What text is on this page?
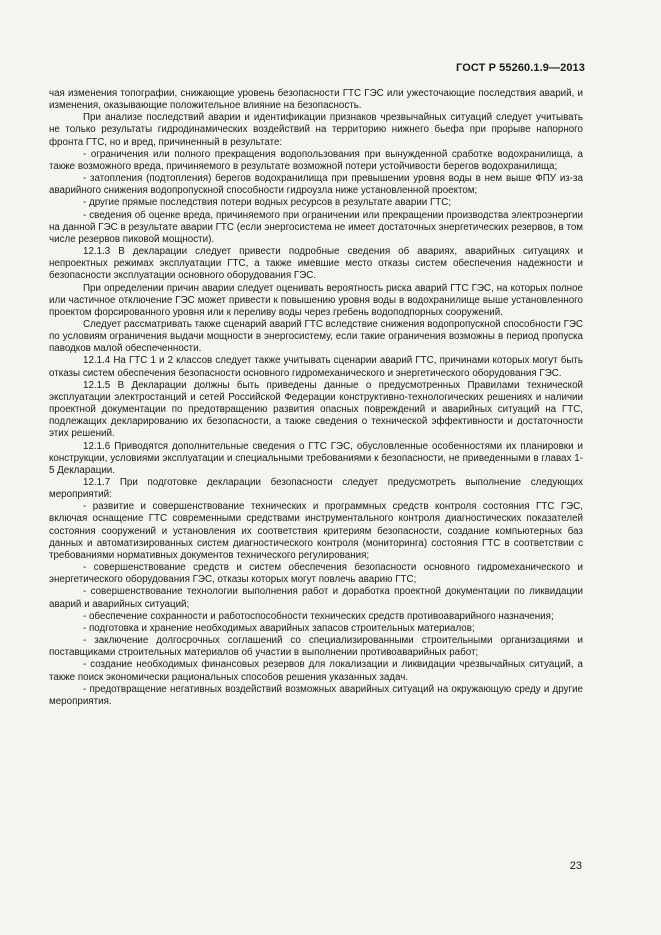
ГОСТ Р 55260.1.9—2013

чая изменения топографии, снижающие уровень безопасности ГТС ГЭС или ужесточающие последствия аварий, и изменения, оказывающие положительное влияние на безопасность.

При анализе последствий аварии и идентификации признаков чрезвычайных ситуаций следует учитывать не только результаты гидродинамических воздействий на территорию нижнего бьефа при прорыве напорного фронта ГТС, но и вред, причиненный в результате:

- ограничения или полного прекращения водопользования при вынужденной сработке водохранилища, а также возможного вреда, причиняемого в результате возможной потери устойчивости берегов водохранилища;

- затопления (подтопления) берегов водохранилища при превышении уровня воды в нем выше ФПУ из-за аварийного снижения водопропускной способности гидроузла ниже установленной проектом;

- другие прямые последствия потери водных ресурсов в результате аварии ГТС;

- сведения об оценке вреда, причиняемого при ограничении или прекращении производства электроэнергии на данной ГЭС в результате аварии ГТС (если энергосистема не имеет достаточных энергетических резервов, в том числе резервов пиковой мощности).

12.1.3 В декларации следует привести подробные сведения об авариях, аварийных ситуациях и непроектных режимах эксплуатации ГТС, а также имевшие место отказы систем обеспечения надежности и безопасности эксплуатации основного оборудования ГЭС.

При определении причин аварии следует оценивать вероятность риска аварий ГТС ГЭС, на которых полное или частичное отключение ГЭС может привести к повышению уровня воды в водохранилище выше установленного проектом форсированного уровня или к переливу воды через гребень водоподпорных сооружений.

Следует рассматривать также сценарий аварий ГТС вследствие снижения водопропускной способности ГЭС по условиям ограничения выдачи мощности в энергосистему, если такие ограничения возможны в период пропуска паводков малой обеспеченности.

12.1.4 На ГТС 1 и 2 классов следует также учитывать сценарии аварий ГТС, причинами которых могут быть отказы систем обеспечения безопасности основного гидромеханического и энергетического оборудования ГЭС.

12.1.5 В Декларации должны быть приведены данные о предусмотренных Правилами технической эксплуатации электростанций и сетей Российской Федерации конструктивно-технологических решениях и наличии проектной документации по предотвращению развития опасных повреждений и аварийных ситуаций на ГТС, подлежащих декларированию их безопасности, а также сведения о технической эффективности и достаточности этих решений.

12.1.6 Приводятся дополнительные сведения о ГТС ГЭС, обусловленные особенностями их планировки и конструкции, условиями эксплуатации и специальными требованиями к безопасности, не приведенными в главах 1-5 Декларации.

12.1.7 При подготовке декларации безопасности следует предусмотреть выполнение следующих мероприятий:

- развитие и совершенствование технических и программных средств контроля состояния ГТС ГЭС, включая оснащение ГТС современными средствами инструментального контроля диагностических показателей состояния сооружений и установления их соответствия критериям безопасности, создание компьютерных баз данных и автоматизированных систем диагностического контроля (мониторинга) состояния ГТС в соответствии с требованиями нормативных документов технического регулирования;

- совершенствование средств и систем обеспечения безопасности основного гидромеханического и энергетического оборудования ГЭС, отказы которых могут повлечь аварию ГТС;

- совершенствование технологии выполнения работ и доработка проектной документации по ликвидации аварий и аварийных ситуаций;

- обеспечение сохранности и работоспособности технических средств противоаварийного назначения;

- подготовка и хранение необходимых аварийных запасов строительных материалов;

- заключение долгосрочных соглашений со специализированными строительными организациями и поставщиками строительных материалов об участии в выполнении противоаварийных работ;

- создание необходимых финансовых резервов для локализации и ликвидации чрезвычайных ситуаций, а также поиск экономически рациональных способов решения указанных задач.

- предотвращение негативных воздействий возможных аварийных ситуаций на окружающую среду и другие мероприятия.

23
